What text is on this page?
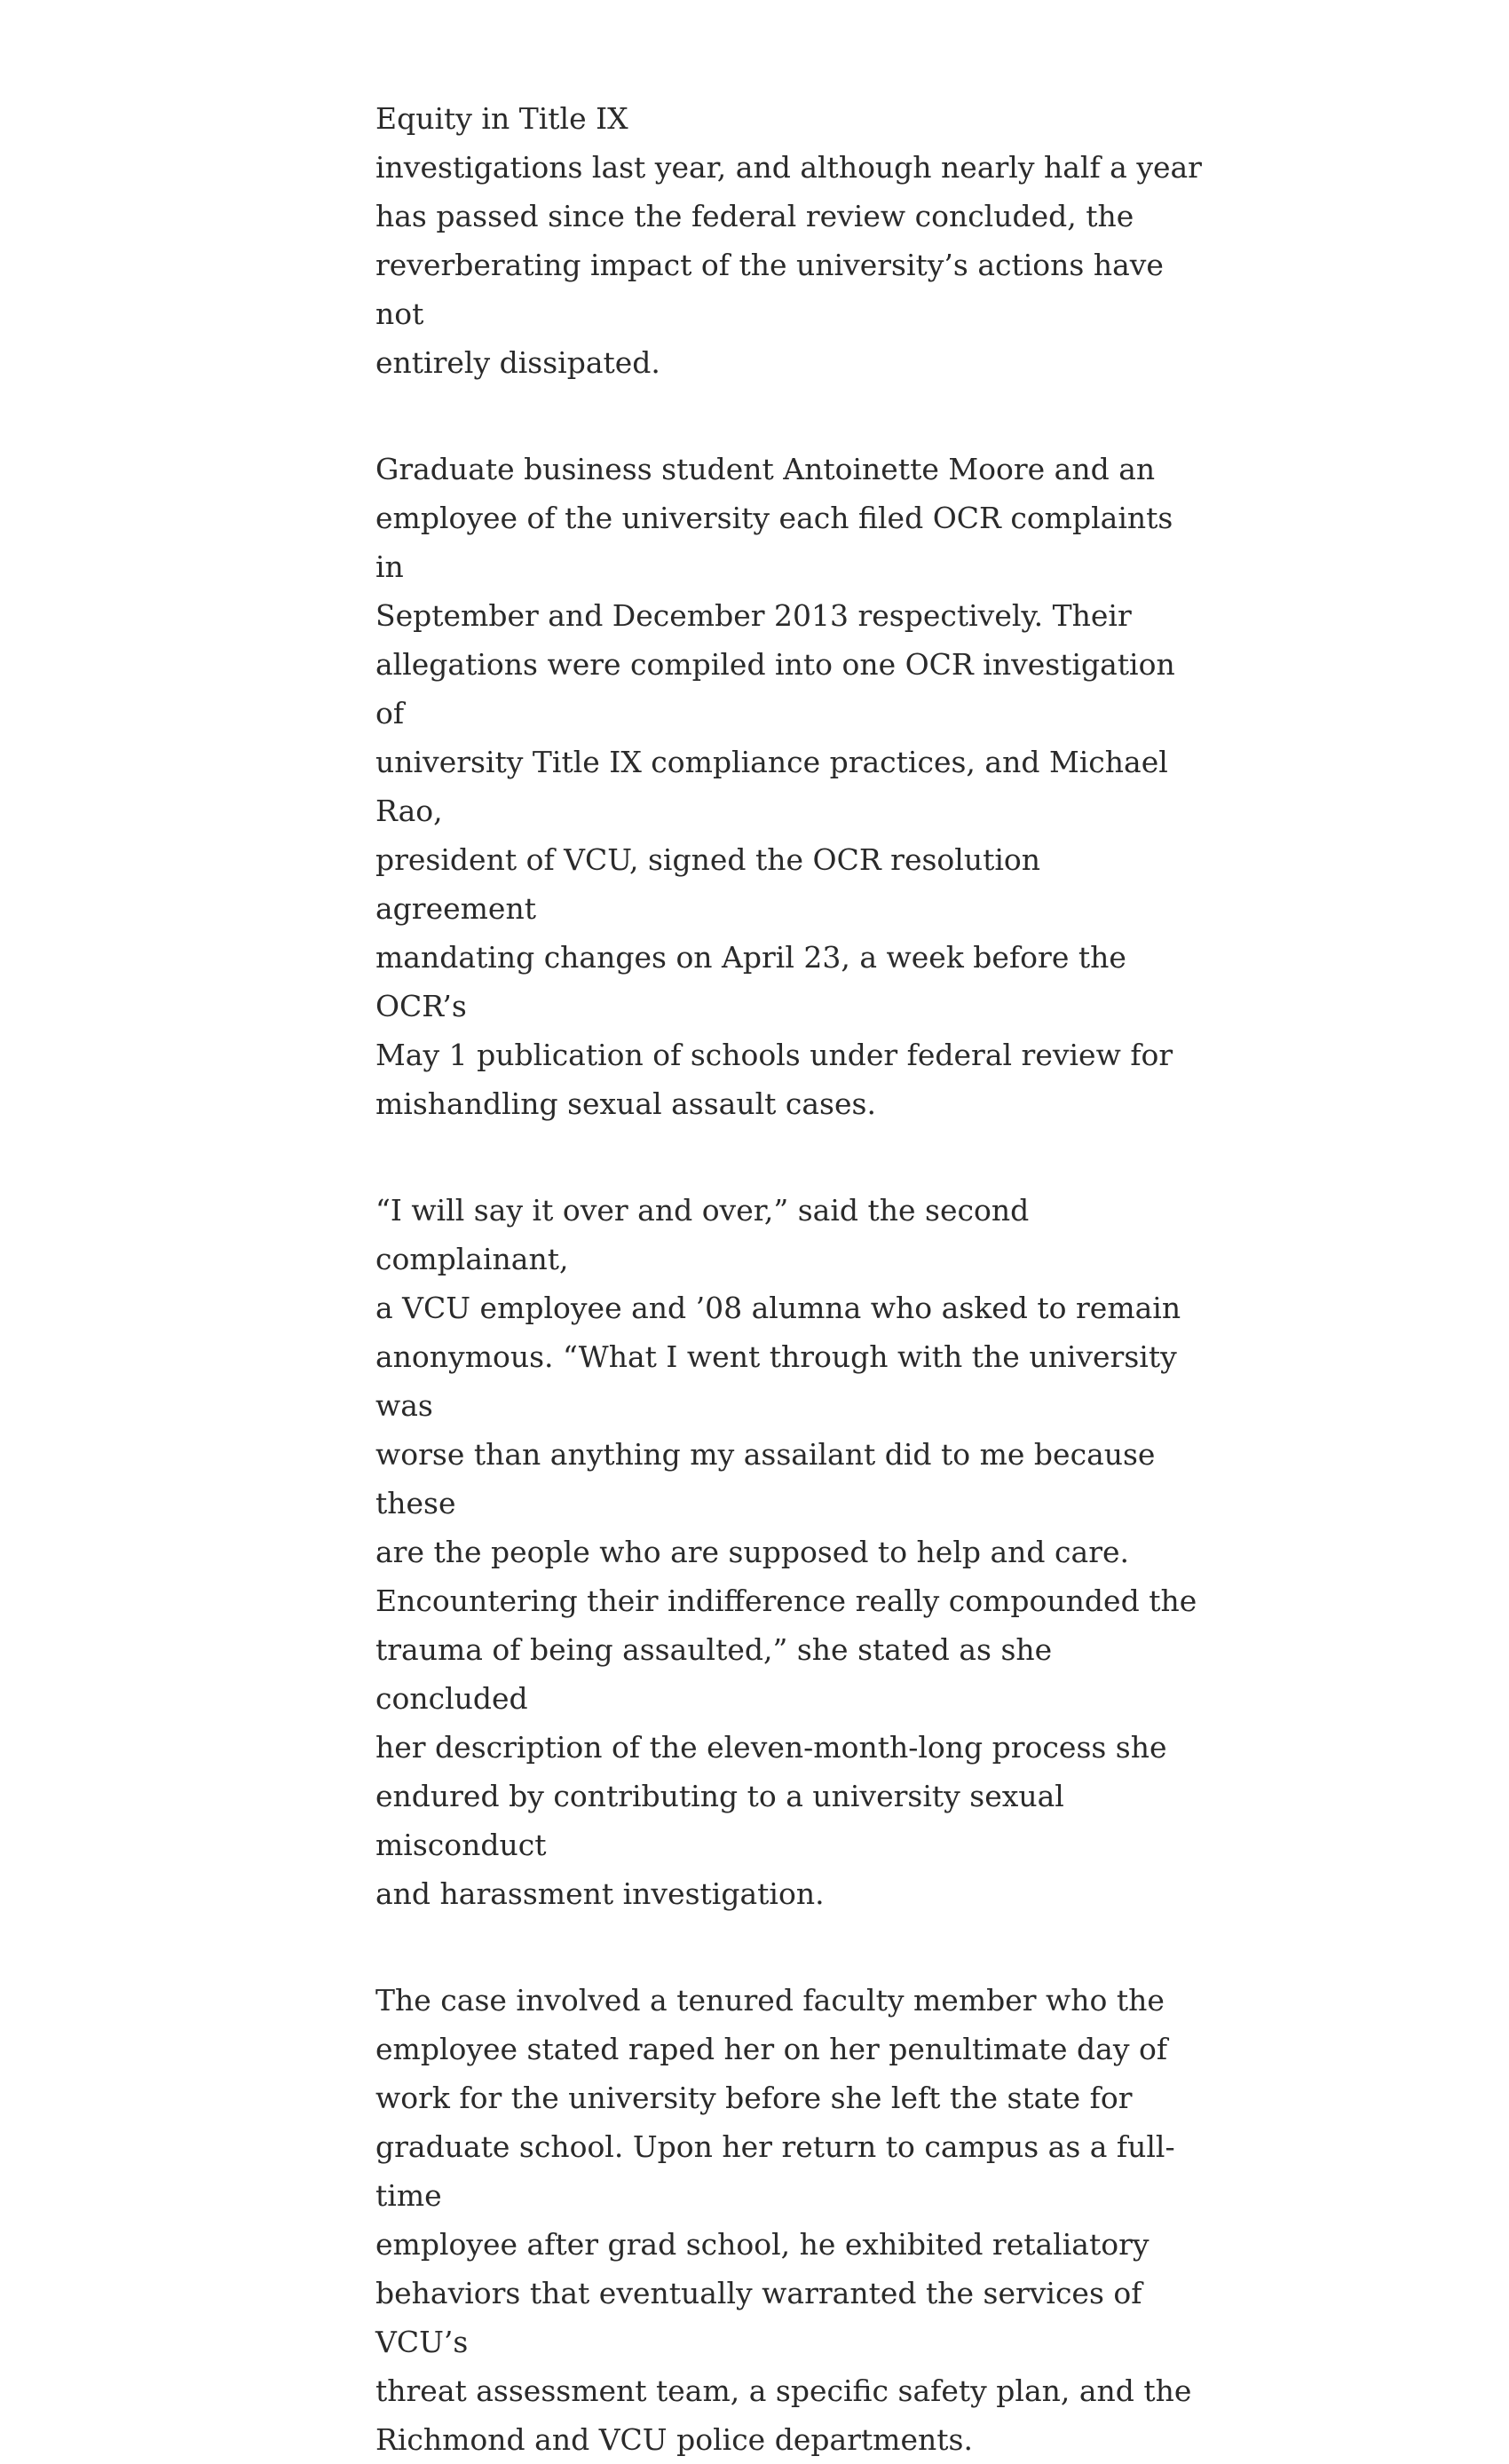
Equity in Title IX

investigations last year, and although nearly half a year
has passed since the federal review concluded, the
reverberating impact of the university’s actions have not
entirely dissipated.

Graduate business student Antoinette Moore and an
employee of the university each filed OCR complaints in
September and December 2013 respectively. Their
allegations were compiled into one OCR investigation of
university Title IX compliance practices, and Michael Rao,
president of VCU, signed the OCR resolution agreement
mandating changes on April 23, a week before the OCR’s
May 1 publication of schools under federal review for
mishandling sexual assault cases.

“I will say it over and over,” said the second complainant,
a VCU employee and ’08 alumna who asked to remain
anonymous. “What I went through with the university was
worse than anything my assailant did to me because these
are the people who are supposed to help and care.
Encountering their indifference really compounded the
trauma of being assaulted,” she stated as she concluded
her description of the eleven-month-long process she
endured by contributing to a university sexual misconduct
and harassment investigation.

The case involved a tenured faculty member who the
employee stated raped her on her penultimate day of
work for the university before she left the state for
graduate school. Upon her return to campus as a full-time
employee after grad school, he exhibited retaliatory
behaviors that eventually warranted the services of VCU’s
threat assessment team, a specific safety plan, and the
Richmond and VCU police departments.
